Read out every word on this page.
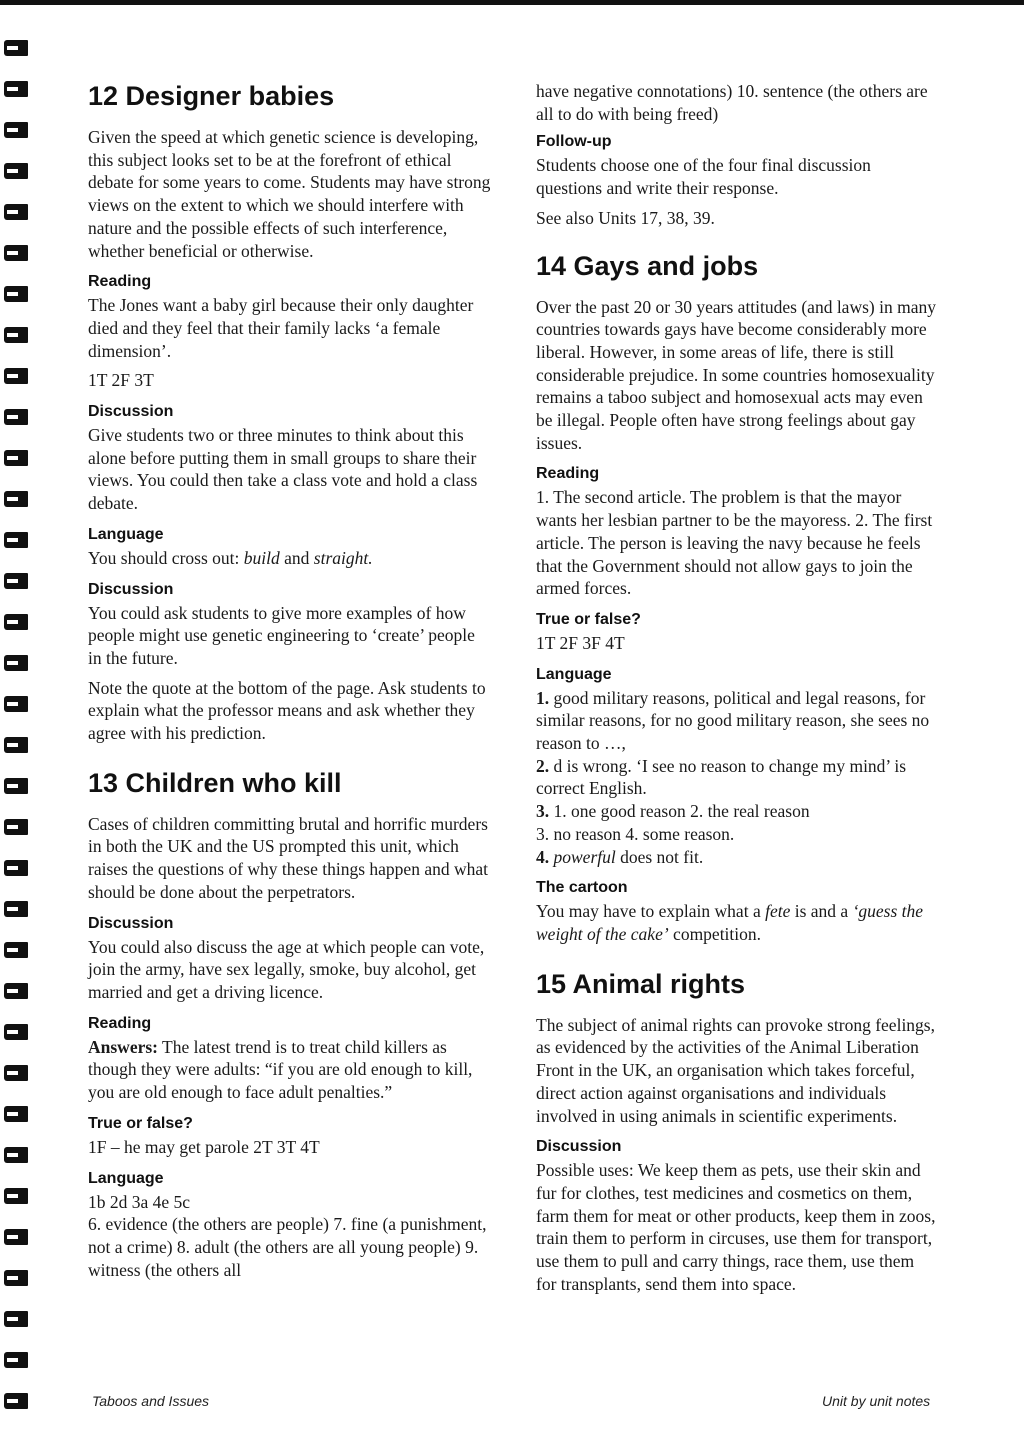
12 Designer babies

Given the speed at which genetic science is developing, this subject looks set to be at the forefront of ethical debate for some years to come. Students may have strong views on the extent to which we should interfere with nature and the possible effects of such interference, whether beneficial or otherwise.

Reading

The Jones want a baby girl because their only daughter died and they feel that their family lacks ‘a female dimension’.

1T 2F 3T

Discussion

Give students two or three minutes to think about this alone before putting them in small groups to share their views. You could then take a class vote and hold a class debate.

Language

You should cross out: build and straight.

Discussion

You could ask students to give more examples of how people might use genetic engineering to ‘create’ people in the future.

Note the quote at the bottom of the page. Ask students to explain what the professor means and ask whether they agree with his prediction.

13 Children who kill

Cases of children committing brutal and horrific murders in both the UK and the US prompted this unit, which raises the questions of why these things happen and what should be done about the perpetrators.

Discussion

You could also discuss the age at which people can vote, join the army, have sex legally, smoke, buy alcohol, get married and get a driving licence.

Reading

Answers: The latest trend is to treat child killers as though they were adults: “if you are old enough to kill, you are old enough to face adult penalties.”

True or false?

1F – he may get parole 2T 3T 4T

Language

1b 2d 3a 4e 5c

6. evidence (the others are people) 7. fine (a punishment, not a crime) 8. adult (the others are all young people) 9. witness (the others all

have negative connotations) 10. sentence (the others are all to do with being freed)

Follow-up

Students choose one of the four final discussion questions and write their response.

See also Units 17, 38, 39.

14 Gays and jobs

Over the past 20 or 30 years attitudes (and laws) in many countries towards gays have become considerably more liberal. However, in some areas of life, there is still considerable prejudice. In some countries homosexuality remains a taboo subject and homosexual acts may even be illegal. People often have strong feelings about gay issues.

Reading

1. The second article. The problem is that the mayor wants her lesbian partner to be the mayoress. 2. The first article. The person is leaving the navy because he feels that the Government should not allow gays to join the armed forces.

True or false?

1T 2F 3F 4T

Language

1. good military reasons, political and legal reasons, for similar reasons, for no good military reason, she sees no reason to …,

2. d is wrong. ‘I see no reason to change my mind’ is correct English.

3. 1. one good reason 2. the real reason

3. no reason 4. some reason.

4. powerful does not fit.

The cartoon

You may have to explain what a fete is and a ‘guess the weight of the cake’ competition.

15 Animal rights

The subject of animal rights can provoke strong feelings, as evidenced by the activities of the Animal Liberation Front in the UK, an organisation which takes forceful, direct action against organisations and individuals involved in using animals in scientific experiments.

Discussion

Possible uses: We keep them as pets, use their skin and fur for clothes, test medicines and cosmetics on them, farm them for meat or other products, keep them in zoos, train them to perform in circuses, use them for transport, use them to pull and carry things, race them, use them for transplants, send them into space.

Taboos and Issues	Unit by unit notes
